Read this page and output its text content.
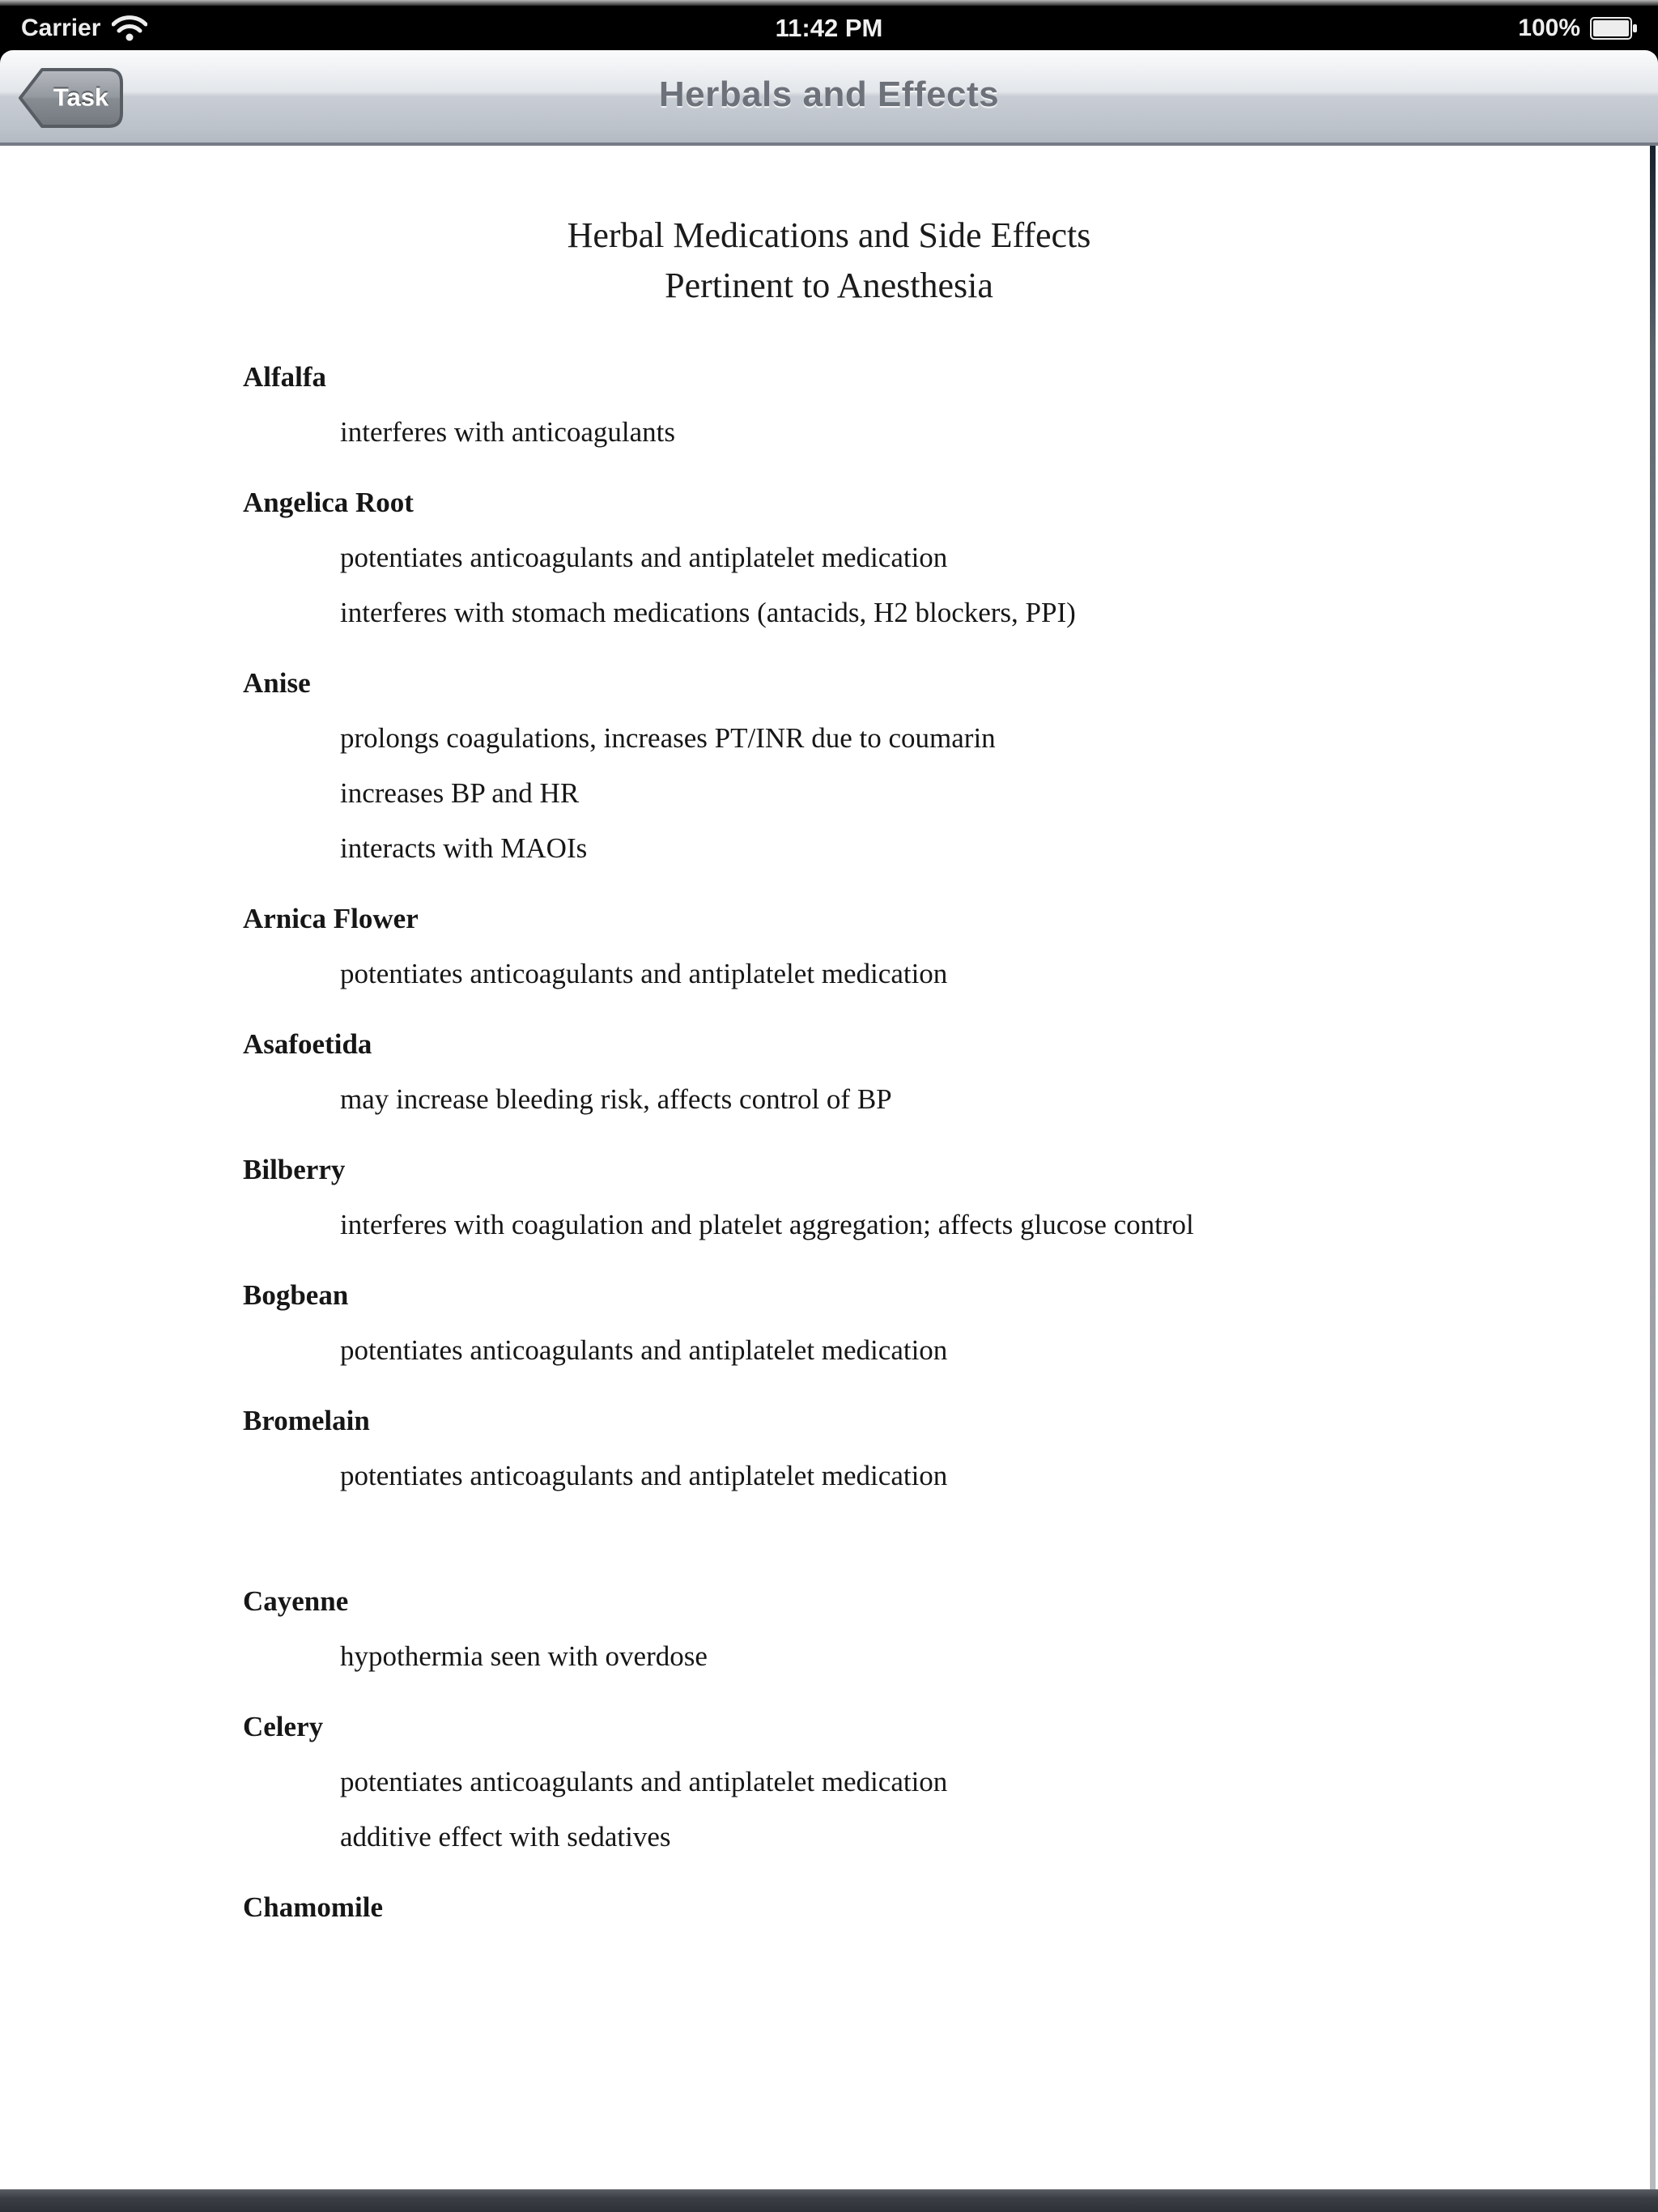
Carrier	11:42 PM	100%
Herbals and Effects
Task
Herbal Medications and Side Effects
Pertinent to Anesthesia
Alfalfa
interferes with anticoagulants
Angelica Root
potentiates anticoagulants and antiplatelet medication
interferes with stomach medications (antacids, H2 blockers, PPI)
Anise
prolongs coagulations, increases PT/INR due to coumarin
increases BP and HR
interacts with MAOIs
Arnica Flower
potentiates anticoagulants and antiplatelet medication
Asafoetida
may increase bleeding risk, affects control of BP
Bilberry
interferes with coagulation and platelet aggregation; affects glucose control
Bogbean
potentiates anticoagulants and antiplatelet medication
Bromelain
potentiates anticoagulants and antiplatelet medication
Cayenne
hypothermia seen with overdose
Celery
potentiates anticoagulants and antiplatelet medication
additive effect with sedatives
Chamomile
